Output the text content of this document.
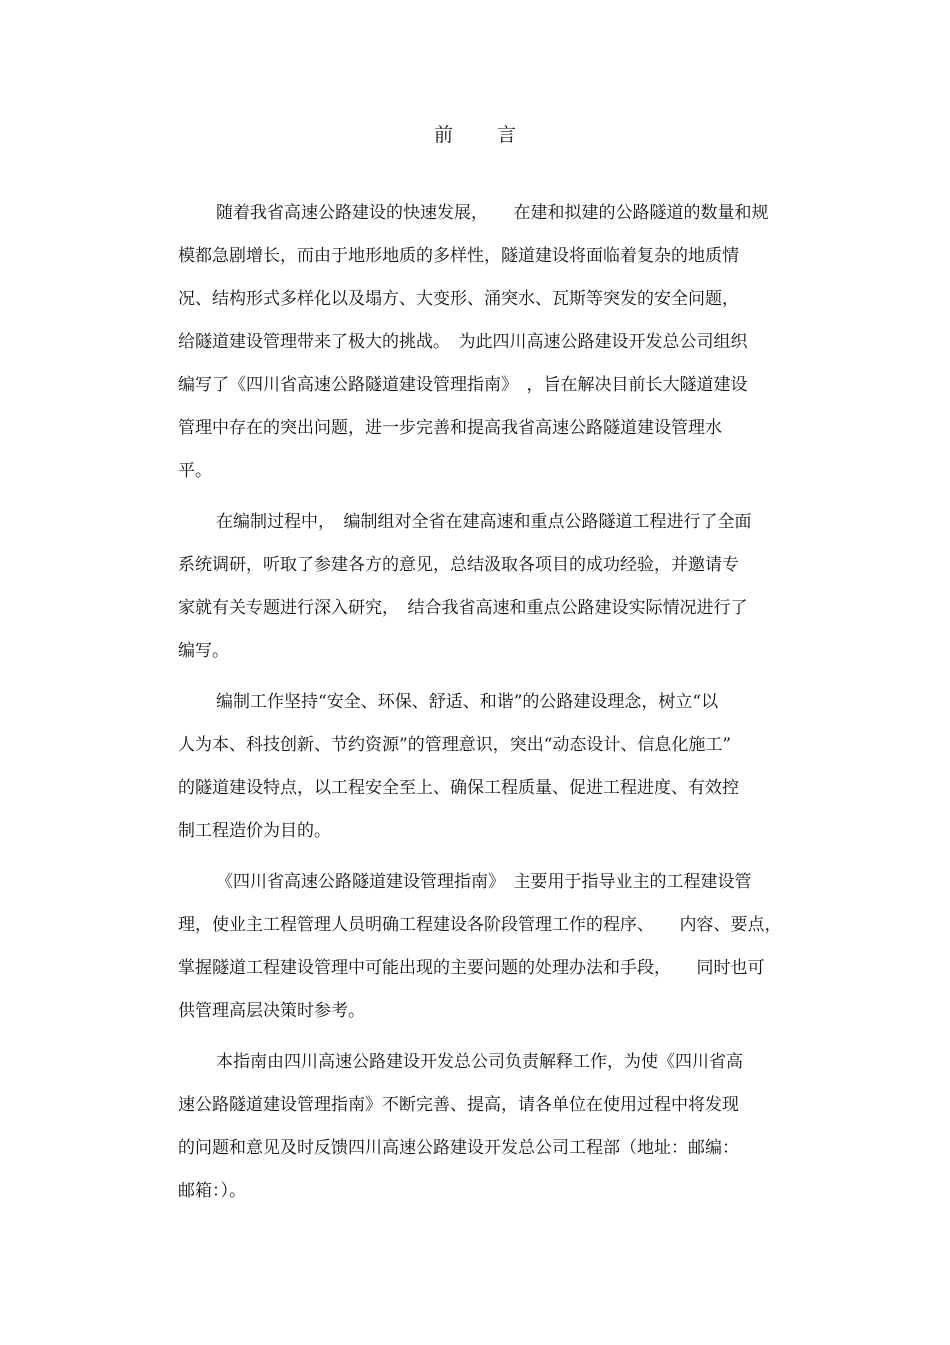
前 言
随着我省高速公路建设的快速发展，　　在建和拟建的公路隧道的数量和规
模都急剧增长，而由于地形地质的多样性，隧道建设将面临着复杂的地质情
况、结构形式多样化以及塌方、大变形、涌突水、瓦斯等突发的安全问题，
给隧道建设管理带来了极大的挑战。　为此四川高速公路建设开发总公司组织
编写了《四川省高速公路隧道建设管理指南》　，旨在解决目前长大隧道建设
管理中存在的突出问题，进一步完善和提高我省高速公路隧道建设管理水
平。
在编制过程中，　编制组对全省在建高速和重点公路隧道工程进行了全面
系统调研，听取了参建各方的意见，总结汲取各项目的成功经验，并邀请专
家就有关专题进行深入研究，　结合我省高速和重点公路建设实际情况进行了
编写。
编制工作坚持“安全、环保、舒适、和谐”的公路建设理念，树立“以
人为本、科技创新、节约资源”的管理意识，突出“动态设计、信息化施工”
的隧道建设特点，以工程安全至上、确保工程质量、促进工程进度、有效控
制工程造价为目的。
《四川省高速公路隧道建设管理指南》　主要用于指导业主的工程建设管
理，使业主工程管理人员明确工程建设各阶段管理工作的程序、　　内容、要点，
掌握隧道工程建设管理中可能出现的主要问题的处理办法和手段，　　同时也可
供管理高层决策时参考。
本指南由四川高速公路建设开发总公司负责解释工作，为使《四川省高
速公路隧道建设管理指南》不断完善、提高，请各单位在使用过程中将发现
的问题和意见及时反馈四川高速公路建设开发总公司工程部（地址：邮编：
邮箱：）。
